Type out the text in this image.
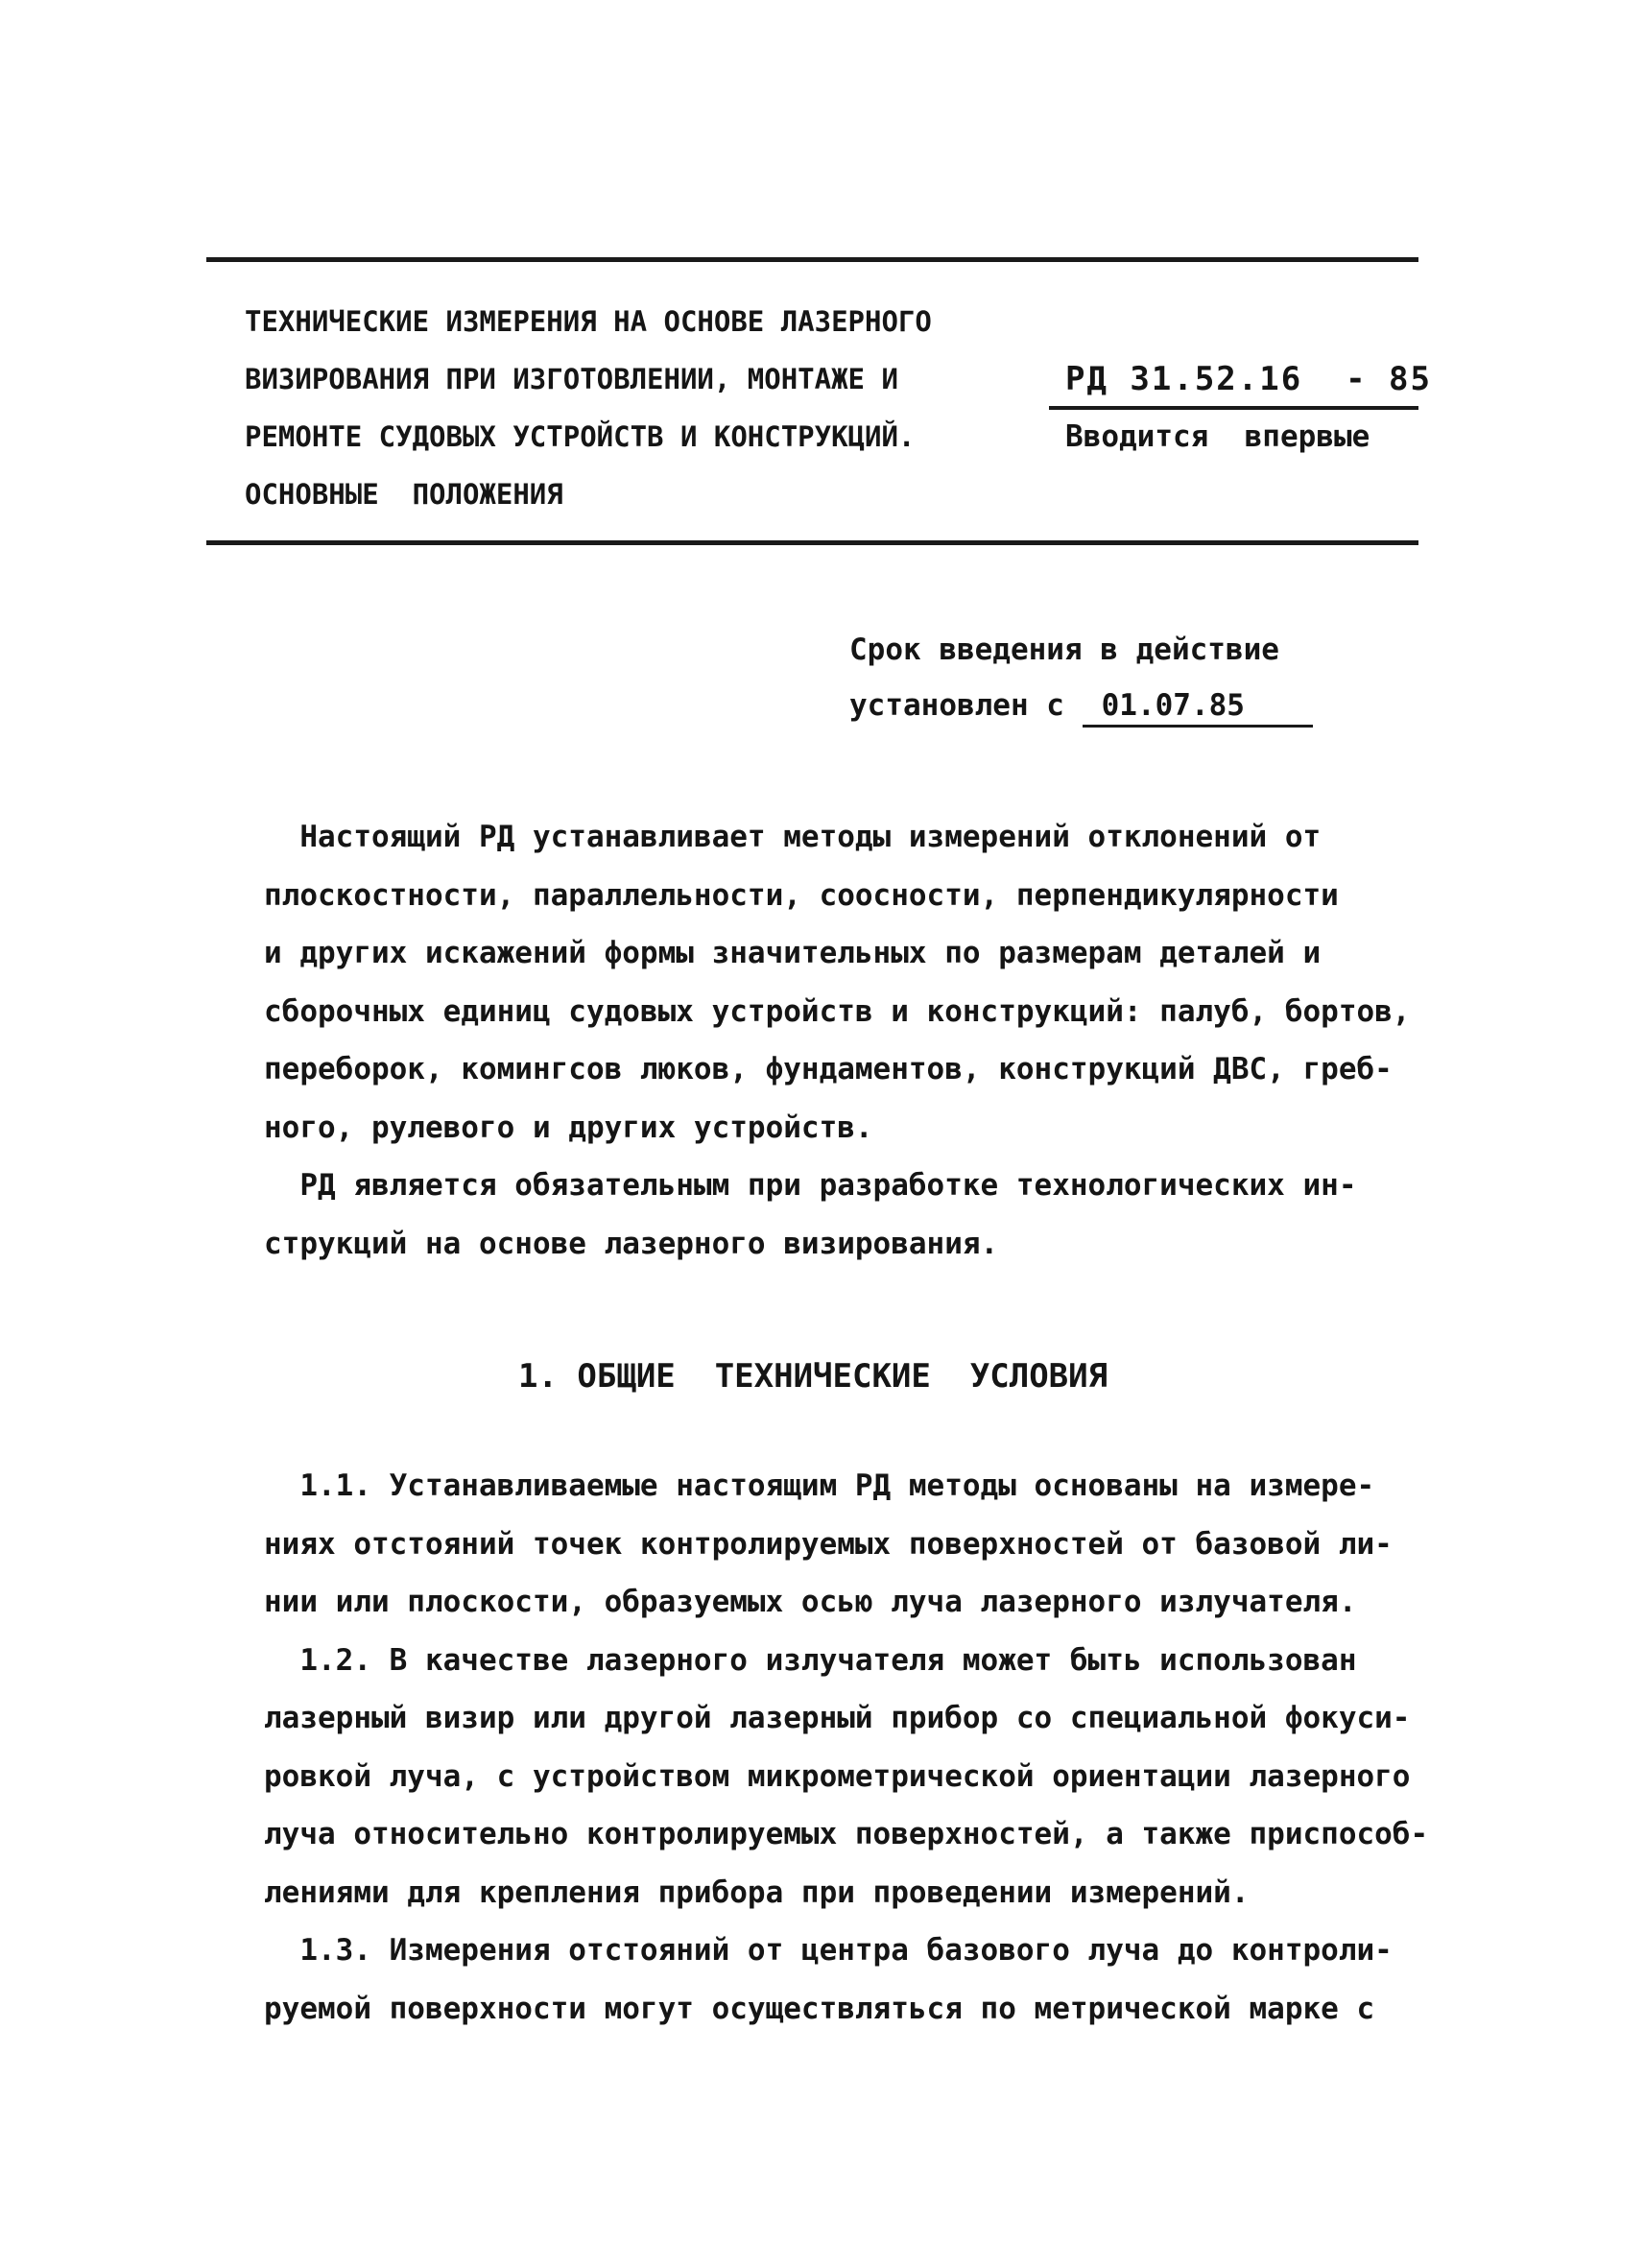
ТЕХНИЧЕСКИЕ ИЗМЕРЕНИЯ НА ОСНОВЕ ЛАЗЕРНОГО
ВИЗИРОВАНИЯ ПРИ ИЗГОТОВЛЕНИИ, МОНТАЖЕ И
РЕМОНТЕ СУДОВЫХ УСТРОЙСТВ И КОНСТРУКЦИЙ.
ОСНОВНЫЕ  ПОЛОЖЕНИЯ
РД 31.52.16  - 85
Вводится  впервые
Срок введения в действие
установлен с 01.07.85

Настоящий РД устанавливает методы измерений отклонений от
плоскостности, параллельности, соосности, перпендикулярности
и других искажений формы значительных по размерам деталей и
сборочных единиц судовых устройств и конструкций: палуб, бортов,
переборок, комингсов люков, фундаментов, конструкций ДВС, греб-
ного, рулевого и других устройств.

РД является обязательным при разработке технологических ин-
струкций на основе лазерного визирования.

1. ОБЩИЕ  ТЕХНИЧЕСКИЕ  УСЛОВИЯ

1.1. Устанавливаемые настоящим РД методы основаны на измере-
ниях отстояний точек контролируемых поверхностей от базовой ли-
нии или плоскости, образуемых осью луча лазерного излучателя.

1.2. В качестве лазерного излучателя может быть использован
лазерный визир или другой лазерный прибор со специальной фокуси-
ровкой луча, с устройством микрометрической ориентации лазерного
луча относительно контролируемых поверхностей, а также приспособ-
лениями для крепления прибора при проведении измерений.

1.3. Измерения отстояний от центра базового луча до контроли-
руемой поверхности могут осуществляться по метрической марке с
